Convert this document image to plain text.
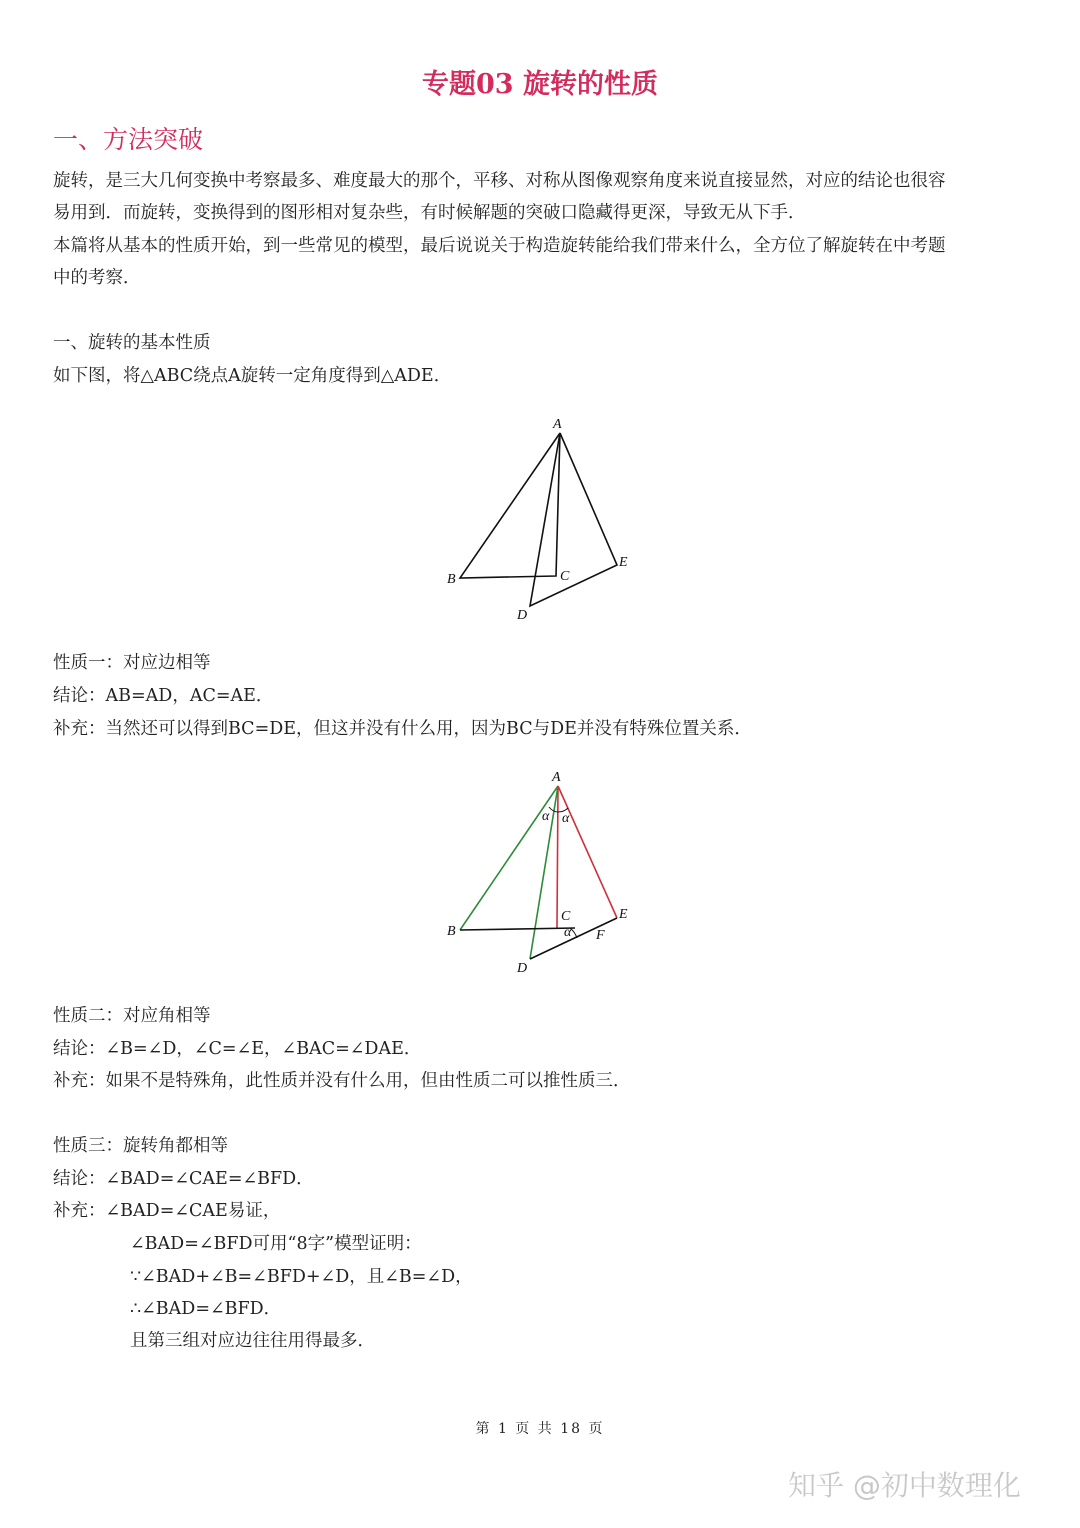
专题03 旋转的性质
一、方法突破
旋转，是三大几何变换中考察最多、难度最大的那个，平移、对称从图像观察角度来说直接显然，对应的结论也很容
易用到．而旋转，变换得到的图形相对复杂些，有时候解题的突破口隐藏得更深，导致无从下手．
本篇将从基本的性质开始，到一些常见的模型，最后说说关于构造旋转能给我们带来什么，全方位了解旋转在中考题
中的考察．
一、旋转的基本性质
如下图，将△ABC绕点A旋转一定角度得到△ADE．
A
B	C
E
D
A
α α
B
C
α
E
F
D
性质一：对应边相等
结论：AB=AD，AC=AE．
补充：当然还可以得到BC=DE，但这并没有什么用，因为BC与DE并没有特殊位置关系．
性质二：对应角相等
结论：∠B=∠D，∠C=∠E，∠BAC=∠DAE．
补充：如果不是特殊角，此性质并没有什么用，但由性质二可以推性质三．
性质三：旋转角都相等
结论：∠BAD=∠CAE=∠BFD．
补充：∠BAD=∠CAE易证，
∠BAD=∠BFD可用“8字”模型证明：
∵∠BAD+∠B=∠BFD+∠D，且∠B=∠D，
∴∠BAD=∠BFD．
且第三组对应边往往用得最多．
第 1 页 共 18 页
知乎 @初中数理化
